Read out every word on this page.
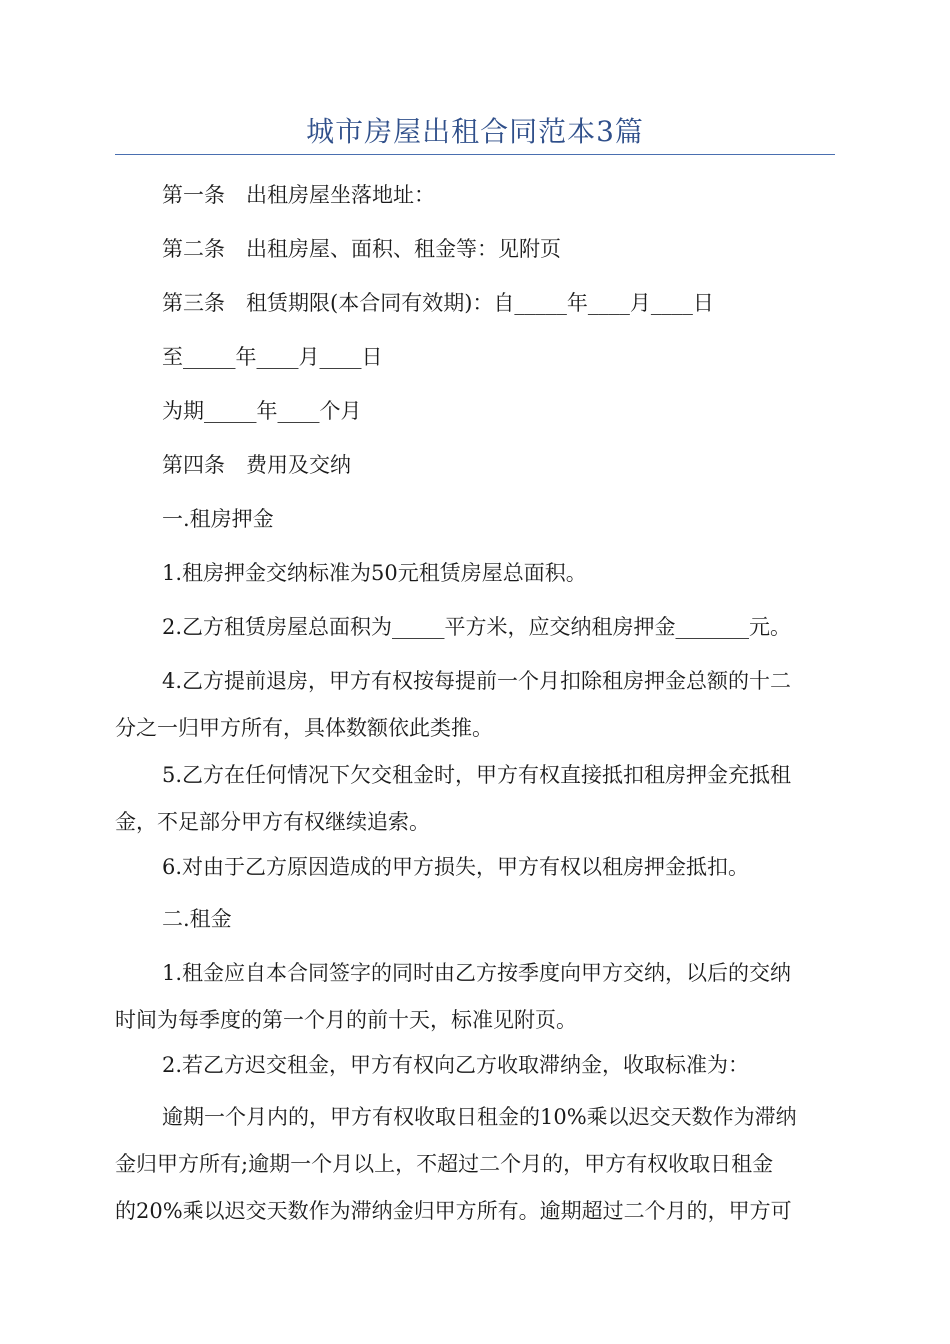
城市房屋出租合同范本3篇

第一条　出租房屋坐落地址：

第二条　出租房屋、面积、租金等：见附页

第三条　租赁期限(本合同有效期)：自_____年____月____日

至_____年____月____日

为期_____年____个月

第四条　费用及交纳

一.租房押金

1.租房押金交纳标准为50元租赁房屋总面积。

2.乙方租赁房屋总面积为_____平方米，应交纳租房押金_______元。

4.乙方提前退房，甲方有权按每提前一个月扣除租房押金总额的十二
分之一归甲方所有，具体数额依此类推。

5.乙方在任何情况下欠交租金时，甲方有权直接抵扣租房押金充抵租
金，不足部分甲方有权继续追索。

6.对由于乙方原因造成的甲方损失，甲方有权以租房押金抵扣。

二.租金

1.租金应自本合同签字的同时由乙方按季度向甲方交纳，以后的交纳
时间为每季度的第一个月的前十天，标准见附页。

2.若乙方迟交租金，甲方有权向乙方收取滞纳金，收取标准为：

逾期一个月内的，甲方有权收取日租金的10%乘以迟交天数作为滞纳
金归甲方所有;逾期一个月以上，不超过二个月的，甲方有权收取日租金
的20%乘以迟交天数作为滞纳金归甲方所有。逾期超过二个月的，甲方可
